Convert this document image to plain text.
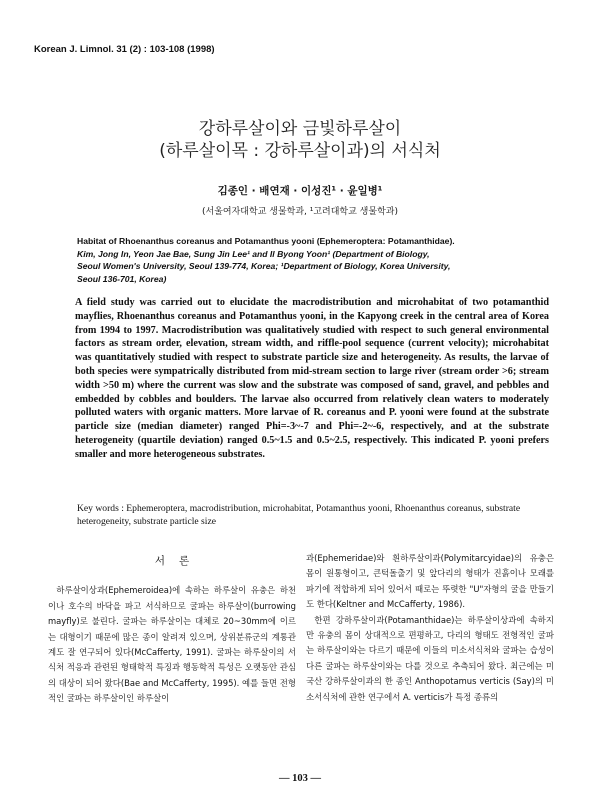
Korean J. Limnol. 31 (2) : 103-108 (1998)
강하루살이와 금빛하루살이
(하루살이목 : 강하루살이과)의 서식처
김종인 · 배연재 · 이성진¹ · 윤일병¹
(서울여자대학교 생물학과, ¹고려대학교 생물학과)
Habitat of Rhoenanthus coreanus and Potamanthus yooni (Ephemeroptera: Potamanthidae).
Kim, Jong In, Yeon Jae Bae, Sung Jin Lee¹ and Il Byong Yoon¹ (Department of Biology,
Seoul Women's University, Seoul 139-774, Korea; ¹Department of Biology, Korea University,
Seoul 136-701, Korea)
A field study was carried out to elucidate the macrodistribution and microhabitat of two potamanthid mayflies, Rhoenanthus coreanus and Potamanthus yooni, in the Kapyong creek in the central area of Korea from 1994 to 1997. Macrodistribution was qualitatively studied with respect to such general environmental factors as stream order, elevation, stream width, and riffle-pool sequence (current velocity); microhabitat was quantitatively studied with respect to substrate particle size and heterogeneity. As results, the larvae of both species were sympatrically distributed from mid-stream section to large river (stream order >6; stream width >50 m) where the current was slow and the substrate was composed of sand, gravel, and pebbles and embedded by cobbles and boulders. The larvae also occurred from relatively clean waters to moderately polluted waters with organic matters. More larvae of R. coreanus and P. yooni were found at the substrate particle size (median diameter) ranged Phi=-3~-7 and Phi=-2~-6, respectively, and at the substrate heterogeneity (quartile deviation) ranged 0.5~1.5 and 0.5~2.5, respectively. This indicated P. yooni prefers smaller and more heterogeneous substrates.
Key words : Ephemeroptera, macrodistribution, microhabitat, Potamanthus yooni, Rhoenanthus coreanus, substrate heterogeneity, substrate particle size
서론

하루살이상과(Ephemeroidea)에 속하는 하루살이 유충은 하천이나 호수의 바닥을 파고 서식하므로 굴파는 하루살이(burrowing mayfly)로 불린다. 굴파는 하루살이는 대체로 20~30mm에 이르는 대형이기 때문에 많은 종이 알려져 있으며, 상위분류군의 계통관계도 잘 연구되어 있다(McCafferty, 1991). 굴파는 하루살이의 서식처 적응과 관련된 형태학적 특징과 행동학적 특성은 오랫동안 관심의 대상이 되어 왔다(Bae and McCafferty, 1995). 예를 들면 전형적인 굴파는 하루살이인 하루살이

과(Ephemeridae)와 흰하루살이과(Polymitarcyidae)의 유충은 몸이 원통형이고, 큰턱돌출기 및 앞다리의 형태가 진흙이나 모래를 파기에 적합하게 되어 있어서 때로는 뚜렷한 "U"자형의 굴을 만들기도 한다(Keltner and McCafferty, 1986).

한편 강하루살이과(Potamanthidae)는 하루살이상과에 속하지만 유충의 몸이 상대적으로 편평하고, 다리의 형태도 전형적인 굴파는 하루살이와는 다르기 때문에 이들의 미소서식처와 굴파는 습성이 다른 굴파는 하루살이와는 다를 것으로 추측되어 왔다. 최근에는 미국산 강하루살이과의 한 종인 Anthopotamus verticis (Say)의 미소서식처에 관한 연구에서 A. verticis가 특정 종류의

— 103 —
